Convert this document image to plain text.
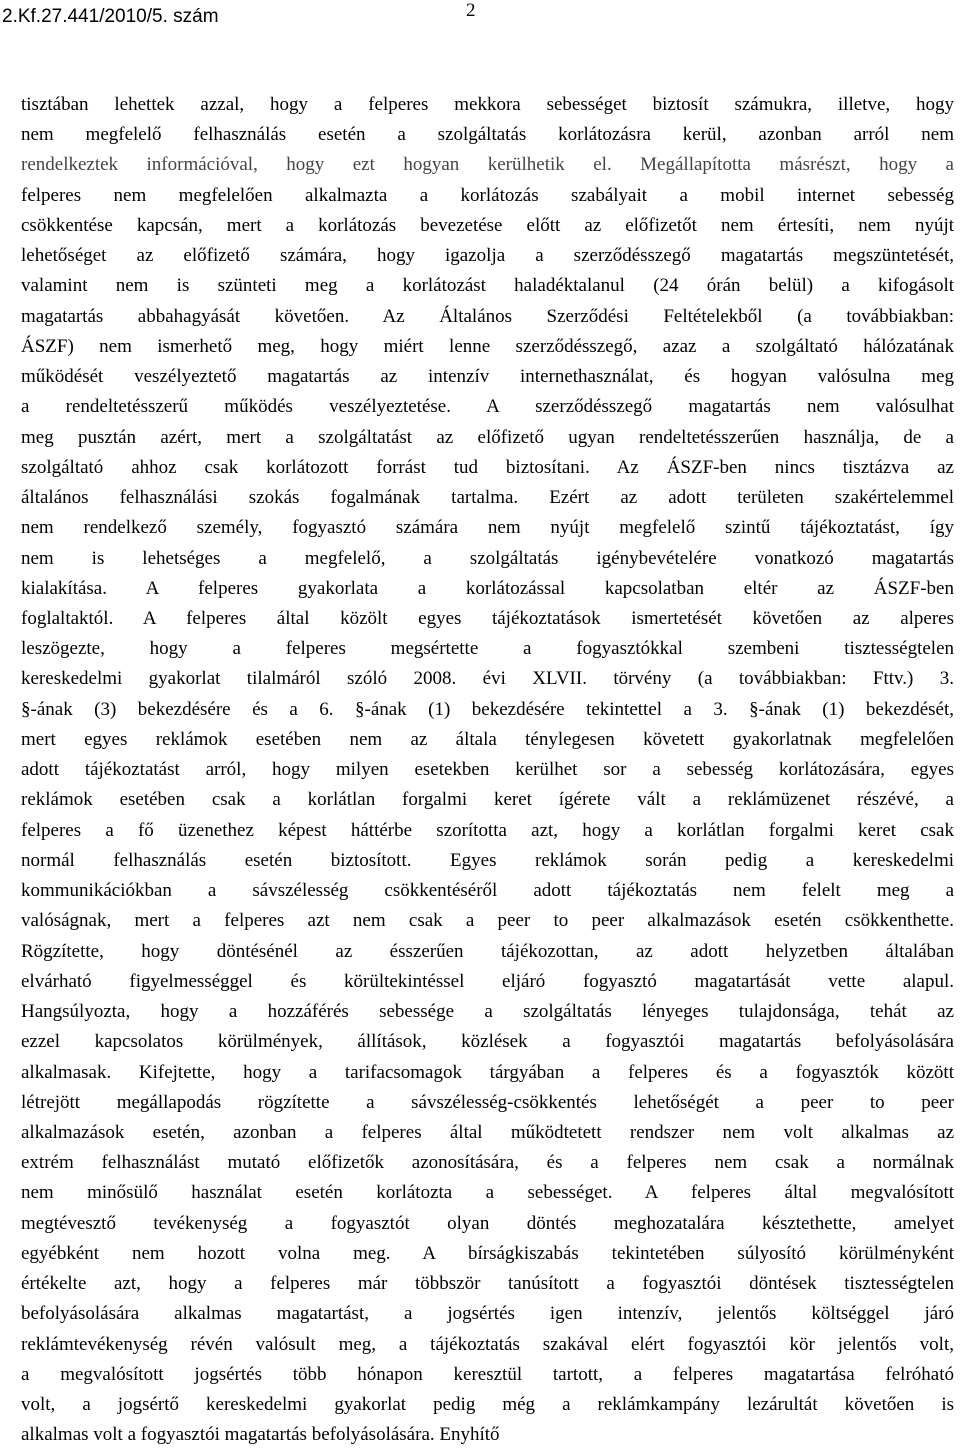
2.Kf.27.441/2010/5. szám	2
tisztában lehettek azzal, hogy a felperes mekkora sebességet biztosít számukra, illetve, hogy
nem megfelelő felhasználás esetén a szolgáltatás korlátozásra kerül, azonban arról nem
rendelkeztek információval, hogy ezt hogyan kerülhetik el. Megállapította másrészt, hogy a
felperes nem megfelelően alkalmazta a korlátozás szabályait a mobil internet sebesség
csökkentése kapcsán, mert a korlátozás bevezetése előtt az előfizetőt nem értesíti, nem nyújt
lehetőséget az előfizető számára, hogy igazolja a szerződésszegő magatartás megszüntetését,
valamint nem is szünteti meg a korlátozást haladéktalanul (24 órán belül) a kifogásolt
magatartás abbahagyását követően. Az Általános Szerződési Feltételekből (a továbbiakban:
ÁSZF) nem ismerhető meg, hogy miért lenne szerződésszegő, azaz a szolgáltató hálózatának
működését veszélyeztető magatartás az intenzív internethasználat, és hogyan valósulna meg
a rendeltetésszerű működés veszélyeztetése. A szerződésszegő magatartás nem valósulhat
meg pusztán azért, mert a szolgáltatást az előfizető ugyan rendeltetésszerűen használja, de a
szolgáltató ahhoz csak korlátozott forrást tud biztosítani. Az ÁSZF-ben nincs tisztázva az
általános felhasználási szokás fogalmának tartalma. Ezért az adott területen szakértelemmel
nem rendelkező személy, fogyasztó számára nem nyújt megfelelő szintű tájékoztatást, így
nem is lehetséges a megfelelő, a szolgáltatás igénybevételére vonatkozó magatartás
kialakítása. A felperes gyakorlata a korlátozással kapcsolatban eltér az ÁSZF-ben
foglaltaktól. A felperes által közölt egyes tájékoztatások ismertetését követően az alperes
leszögezte, hogy a felperes megsértette a fogyasztókkal szembeni tisztességtelen
kereskedelmi gyakorlat tilalmáról szóló 2008. évi XLVII. törvény (a továbbiakban: Fttv.) 3.
§-ának (3) bekezdésére és a 6. §-ának (1) bekezdésére tekintettel a 3. §-ának (1) bekezdését,
mert egyes reklámok esetében nem az általa ténylegesen követett gyakorlatnak megfelelően
adott tájékoztatást arról, hogy milyen esetekben kerülhet sor a sebesség korlátozására, egyes
reklámok esetében csak a korlátlan forgalmi keret ígérete vált a reklámüzenet részévé, a
felperes a fő üzenethez képest háttérbe szorította azt, hogy a korlátlan forgalmi keret csak
normál felhasználás esetén biztosított. Egyes reklámok során pedig a kereskedelmi
kommunikációkban a sávszélesség csökkentéséről adott tájékoztatás nem felelt meg a
valóságnak, mert a felperes azt nem csak a peer to peer alkalmazások esetén csökkenthette.
Rögzítette, hogy döntésénél az ésszerűen tájékozottan, az adott helyzetben általában
elvárható figyelmességgel és körültekintéssel eljáró fogyasztó magatartását vette alapul.
Hangsúlyozta, hogy a hozzáférés sebessége a szolgáltatás lényeges tulajdonsága, tehát az
ezzel kapcsolatos körülmények, állítások, közlések a fogyasztói magatartás befolyásolására
alkalmasak. Kifejtette, hogy a tarifacsomagok tárgyában a felperes és a fogyasztók között
létrejött megállapodás rögzítette a sávszélesség-csökkentés lehetőségét a peer to peer
alkalmazások esetén, azonban a felperes által működtetett rendszer nem volt alkalmas az
extrém felhasználást mutató előfizetők azonosítására, és a felperes nem csak a normálnak
nem minősülő használat esetén korlátozta a sebességet. A felperes által megvalósított
megtévesztő tevékenység a fogyasztót olyan döntés meghozatalára késztethette, amelyet
egyébként nem hozott volna meg. A bírságkiszabás tekintetében súlyosító körülményként
értékelte azt, hogy a felperes már többször tanúsított a fogyasztói döntések tisztességtelen
befolyásolására alkalmas magatartást, a jogsértés igen intenzív, jelentős költséggel járó
reklámtevékenység révén valósult meg, a tájékoztatás szakával elért fogyasztói kör jelentős volt,
a megvalósított jogsértés több hónapon keresztül tartott, a felperes magatartása felróható
volt, a jogsértő kereskedelmi gyakorlat pedig még a reklámkampány lezárultát követően is
alkalmas volt a fogyasztói magatartás befolyásolására. Enyhítő
